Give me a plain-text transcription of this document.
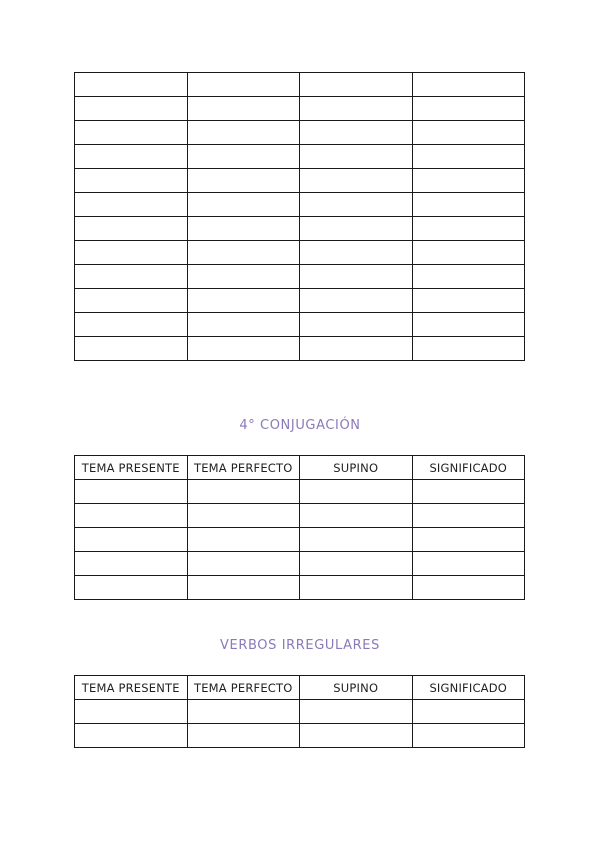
4° CONJUGACIÓN
TEMA PRESENTE	TEMA PERFECTO	SUPINO	SIGNIFICADO

VERBOS IRREGULARES
TEMA PRESENTE	TEMA PERFECTO	SUPINO	SIGNIFICADO
